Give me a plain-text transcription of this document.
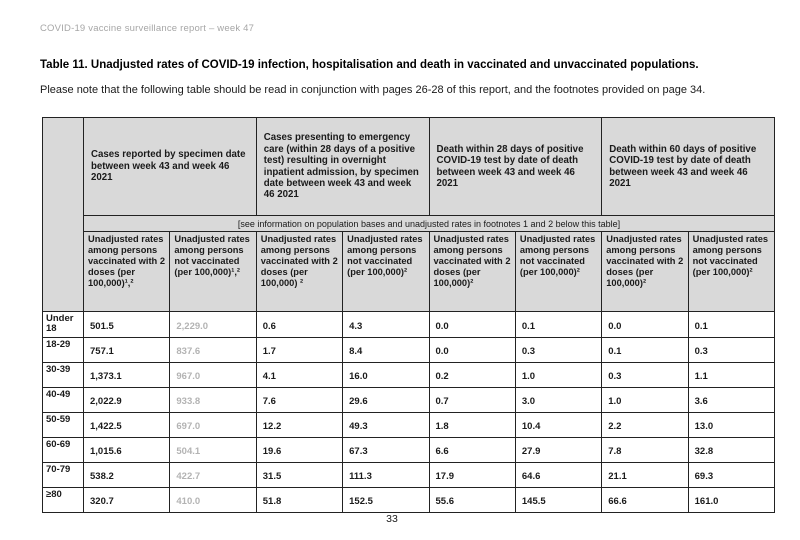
COVID-19 vaccine surveillance report – week 47
Table 11. Unadjusted rates of COVID-19 infection, hospitalisation and death in vaccinated and unvaccinated populations.
Please note that the following table should be read in conjunction with pages 26-28 of this report, and the footnotes provided on page 34.
	Cases reported by specimen date between week 43 and week 46 2021		Cases presenting to emergency care (within 28 days of a positive test) resulting in overnight inpatient admission, by specimen date between week 43 and week 46 2021		Death within 28 days of positive COVID-19 test by date of death between week 43 and week 46 2021		Death within 60 days of positive COVID-19 test by date of death between week 43 and week 46 2021	
	[see information on population bases and unadjusted rates in footnotes 1 and 2 below this table]							
	Unadjusted rates among persons vaccinated with 2 doses (per 100,000)¹,²	Unadjusted rates among persons not vaccinated (per 100,000)¹,²	Unadjusted rates among persons vaccinated with 2 doses (per 100,000) ²	Unadjusted rates among persons not vaccinated (per 100,000)²	Unadjusted rates among persons vaccinated with 2 doses (per 100,000)²	Unadjusted rates among persons not vaccinated (per 100,000)²	Unadjusted rates among persons vaccinated with 2 doses (per 100,000)²	Unadjusted rates among persons not vaccinated (per 100,000)²
Under 18	501.5	2,229.0	0.6	4.3	0.0	0.1	0.0	0.1
18-29	757.1	837.6	1.7	8.4	0.0	0.3	0.1	0.3
30-39	1,373.1	967.0	4.1	16.0	0.2	1.0	0.3	1.1
40-49	2,022.9	933.8	7.6	29.6	0.7	3.0	1.0	3.6
50-59	1,422.5	697.0	12.2	49.3	1.8	10.4	2.2	13.0
60-69	1,015.6	504.1	19.6	67.3	6.6	27.9	7.8	32.8
70-79	538.2	422.7	31.5	111.3	17.9	64.6	21.1	69.3
≥80	320.7	410.0	51.8	152.5	55.6	145.5	66.6	161.0
33
